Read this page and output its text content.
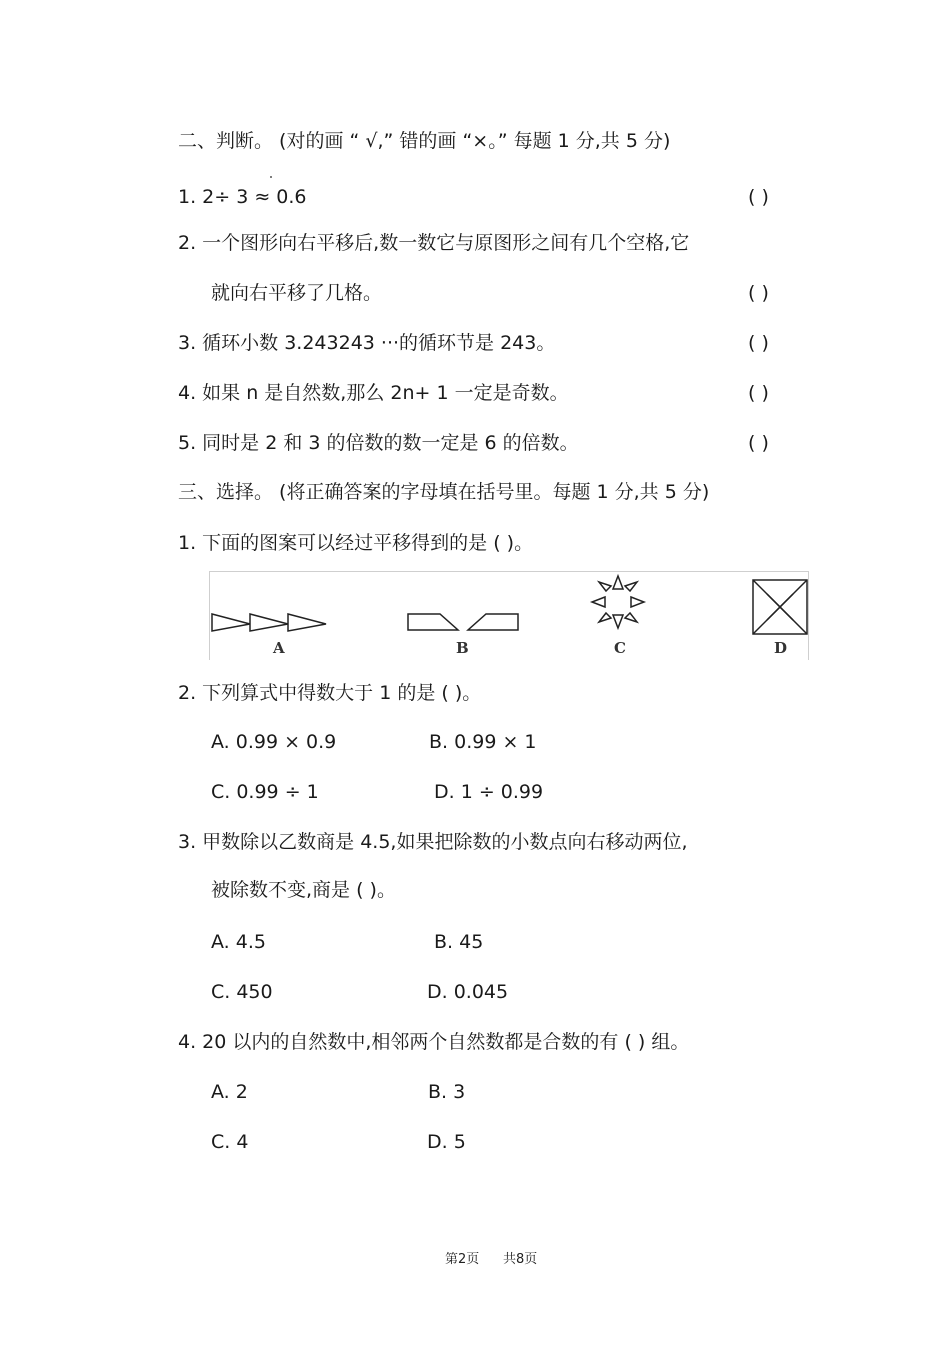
二、判断。 (对的画 “ √,” 错的画 “×。” 每题 1 分,共 5 分)
1. 2÷ 3 ≈ 0.6	( )
2. 一个图形向右平移后,数一数它与原图形之间有几个空格,它
就向右平移了几格。	( )
3. 循环小数 3.243243 ···的循环节是 243。	( )
4. 如果 n 是自然数,那么 2n+ 1 一定是奇数。	( )
5. 同时是 2 和 3 的倍数的数一定是 6 的倍数。	( )
三、选择。 (将正确答案的字母填在括号里。每题 1 分,共 5 分)
1. 下面的图案可以经过平移得到的是 ( )。
A	B	C	D
2. 下列算式中得数大于 1 的是 ( )。
A. 0.99 × 0.9	B. 0.99 × 1
C. 0.99 ÷ 1	D. 1 ÷ 0.99
3. 甲数除以乙数商是 4.5,如果把除数的小数点向右移动两位,
被除数不变,商是 ( )。
A. 4.5	B. 45
C. 450	D. 0.045
4. 20 以内的自然数中,相邻两个自然数都是合数的有 ( ) 组。
A. 2	B. 3
C. 4	D. 5
第2页 共8页
